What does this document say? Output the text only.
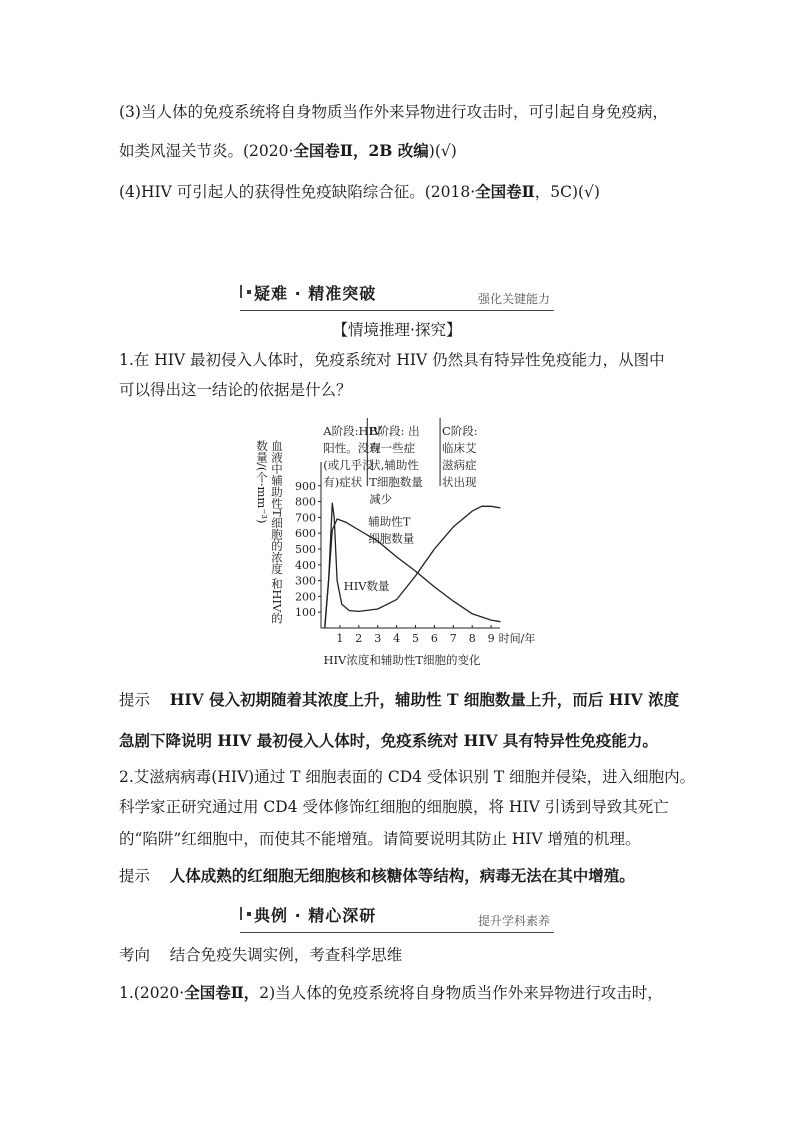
(3)当人体的免疫系统将自身物质当作外来异物进行攻击时，可引起自身免疫病，
如类风湿关节炎。(2020·全国卷Ⅱ，2B 改编)(√)
(4)HIV 可引起人的获得性免疫缺陷综合征。(2018·全国卷Ⅱ，5C)(√)
疑难 · 精准突破	强化关键能力
【情境推理·探究】
1.在 HIV 最初侵入人体时，免疫系统对 HIV 仍然具有特异性免疫能力，从图中
可以得出这一结论的依据是什么？
血液中辅助性T细胞的浓度 和HIV的数量/(个·mm⁻³)
100
200
300
400
500
600
700
800
900
1 2 3 4 5 6 7 8 9 时间/年
A阶段:HIV
阳性。没有
(或几乎没
有)症状
B阶段: 出
现一些症
状,辅助性
T细胞数量
减少
C阶段:
临床艾
滋病症
状出现
辅助性T
细胞数量
HIV数量
HIV浓度和辅助性T细胞的变化
提示 HIV 侵入初期随着其浓度上升，辅助性 T 细胞数量上升，而后 HIV 浓度
急剧下降说明 HIV 最初侵入人体时，免疫系统对 HIV 具有特异性免疫能力。
2.艾滋病病毒(HIV)通过 T 细胞表面的 CD4 受体识别 T 细胞并侵染，进入细胞内。
科学家正研究通过用 CD4 受体修饰红细胞的细胞膜，将 HIV 引诱到导致其死亡
的“陷阱”红细胞中，而使其不能增殖。请简要说明其防止 HIV 增殖的机理。
提示 人体成熟的红细胞无细胞核和核糖体等结构，病毒无法在其中增殖。
典例 · 精心深研	提升学科素养
考向 结合免疫失调实例，考查科学思维
1.(2020·全国卷Ⅱ，2)当人体的免疫系统将自身物质当作外来异物进行攻击时，
